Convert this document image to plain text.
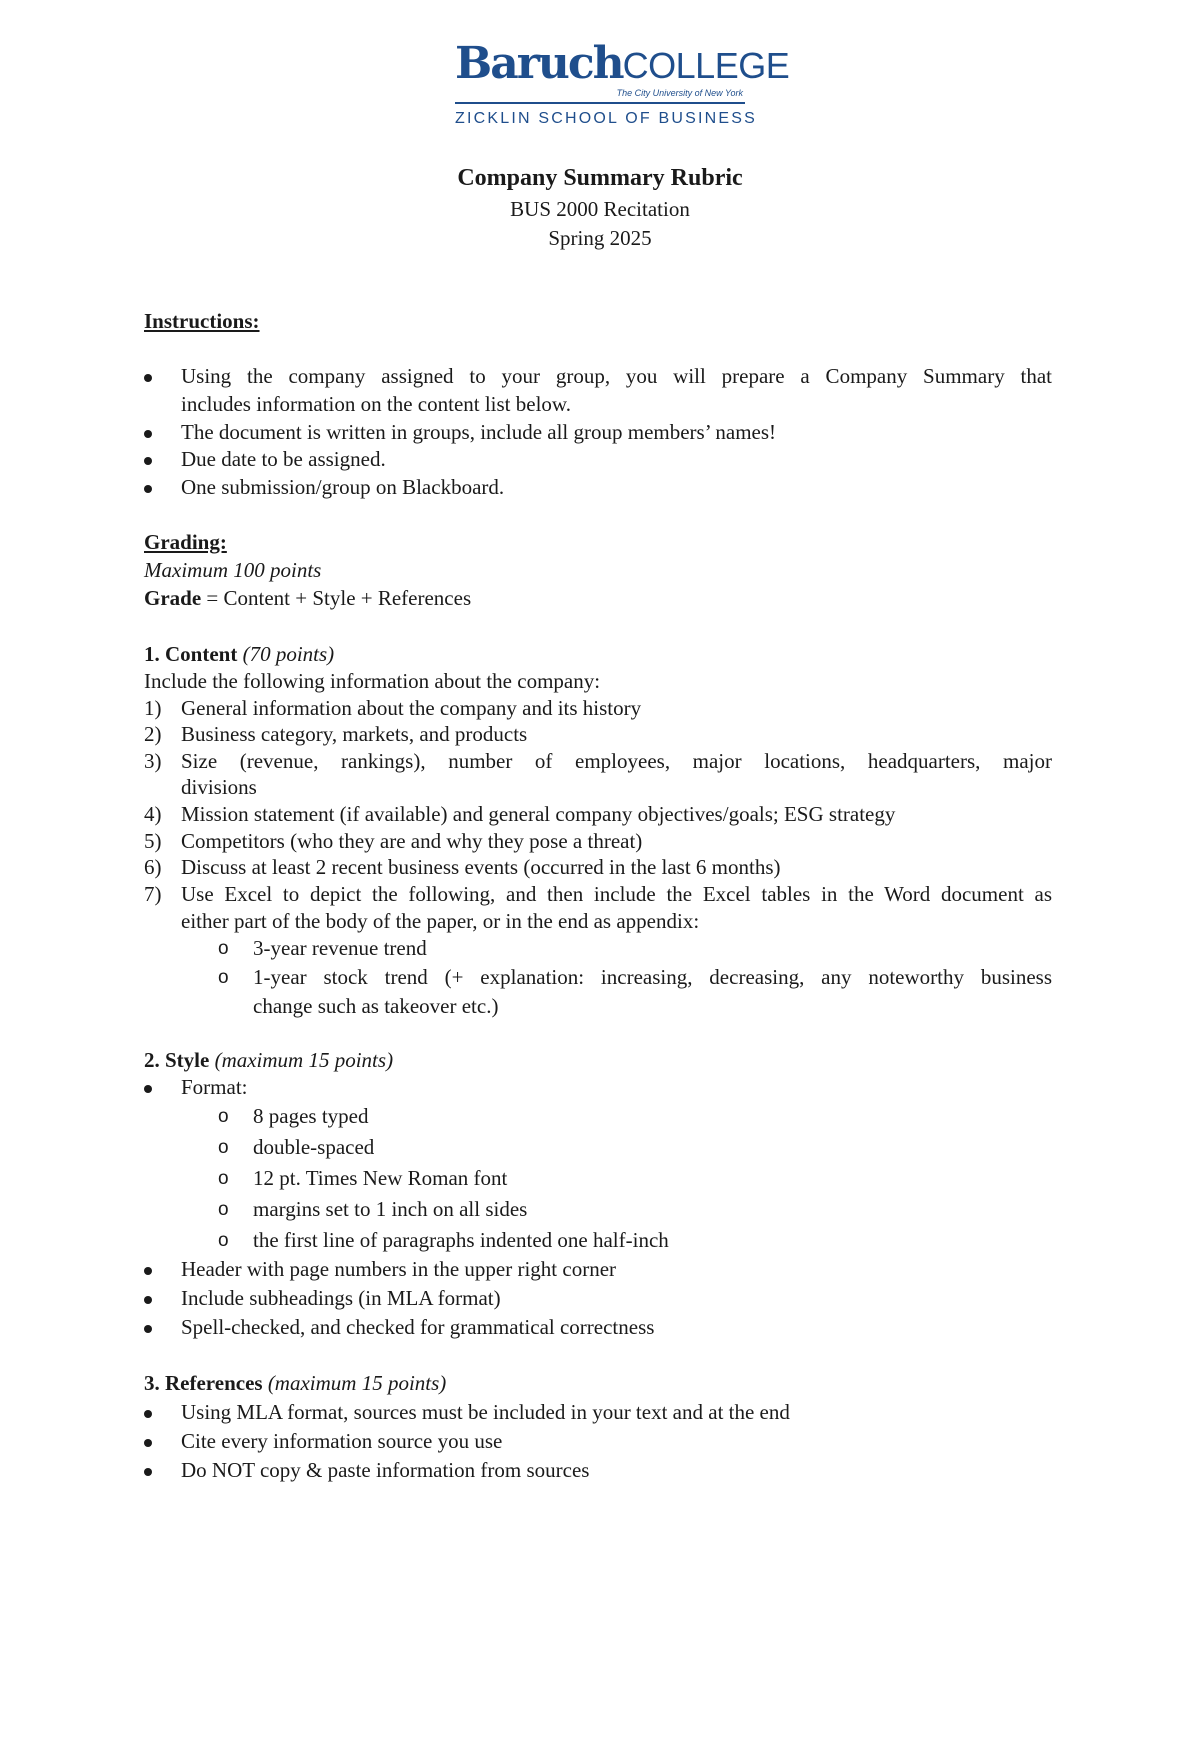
BaruchCOLLEGE
The City University of New York
ZICKLIN SCHOOL OF BUSINESS
Company Summary Rubric
BUS 2000 Recitation
Spring 2025
Instructions:
Using the company assigned to your group, you will prepare a Company Summary that
includes information on the content list below.
The document is written in groups, include all group members’ names!
Due date to be assigned.
One submission/group on Blackboard.
Grading:
Maximum 100 points
Grade = Content + Style + References
1. Content (70 points)
Include the following information about the company:
1) General information about the company and its history
2) Business category, markets, and products
3) Size (revenue, rankings), number of employees, major locations, headquarters, major
divisions
4) Mission statement (if available) and general company objectives/goals; ESG strategy
5) Competitors (who they are and why they pose a threat)
6) Discuss at least 2 recent business events (occurred in the last 6 months)
7) Use Excel to depict the following, and then include the Excel tables in the Word document as
either part of the body of the paper, or in the end as appendix:
o 3-year revenue trend
o 1-year stock trend (+ explanation: increasing, decreasing, any noteworthy business
change such as takeover etc.)
2. Style (maximum 15 points)
Format:
o 8 pages typed
o double-spaced
o 12 pt. Times New Roman font
o margins set to 1 inch on all sides
o the first line of paragraphs indented one half-inch
Header with page numbers in the upper right corner
Include subheadings (in MLA format)
Spell-checked, and checked for grammatical correctness
3. References (maximum 15 points)
Using MLA format, sources must be included in your text and at the end
Cite every information source you use
Do NOT copy & paste information from sources
